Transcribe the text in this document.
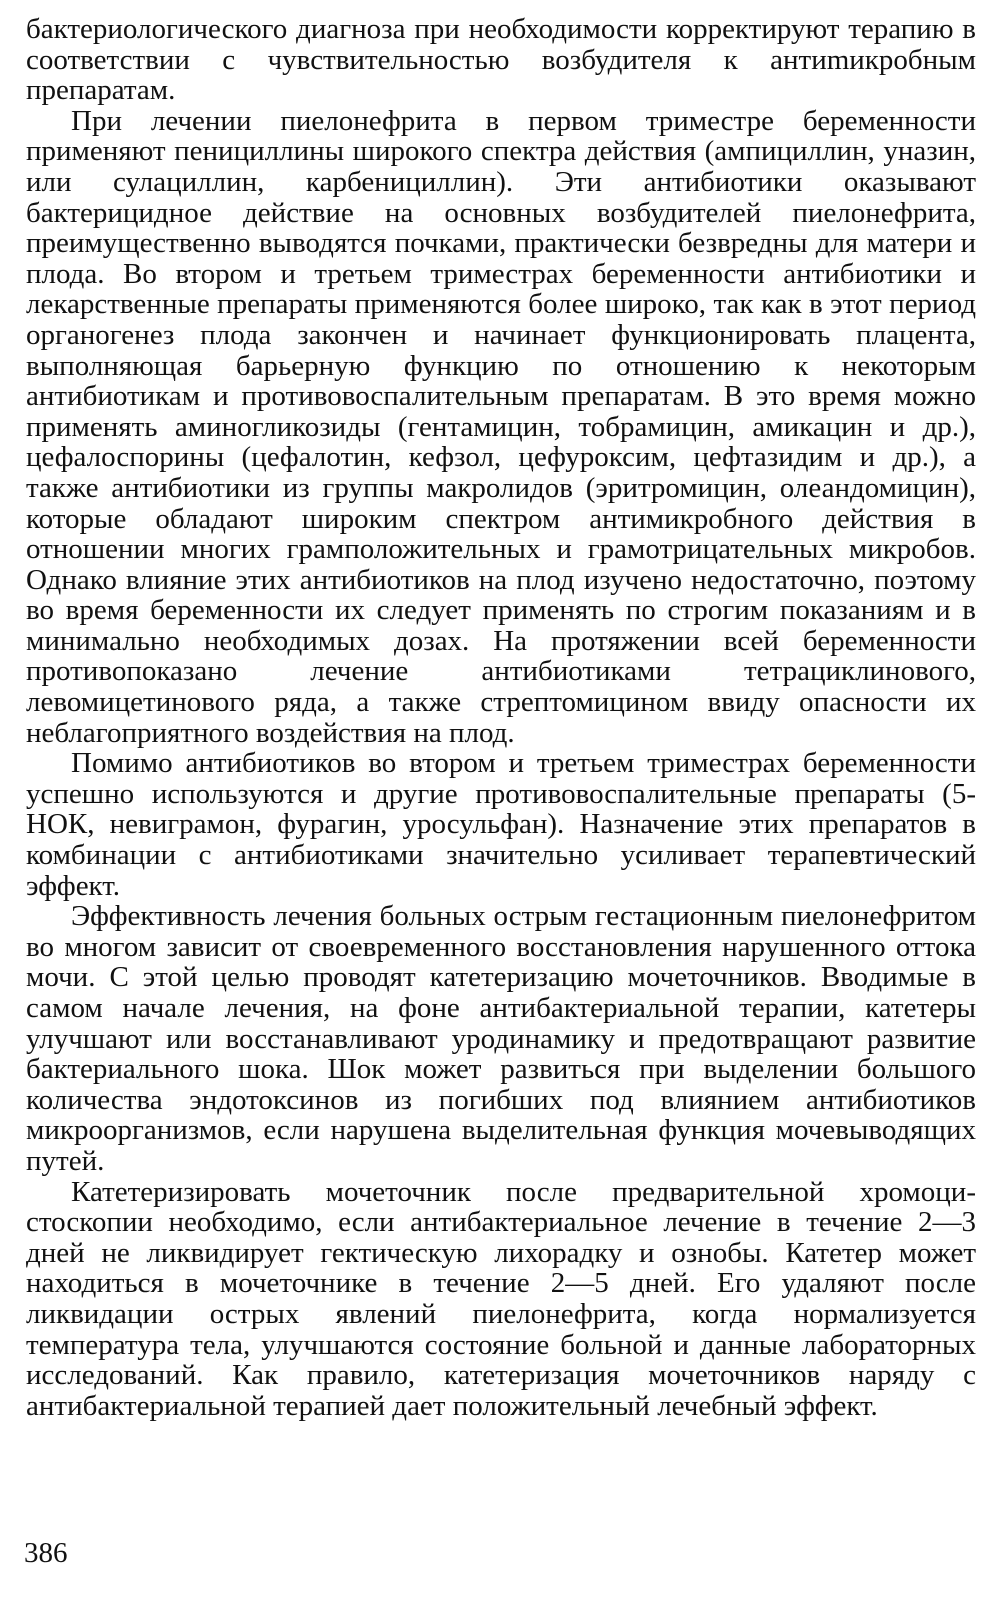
бактериологического диагноза при необходимости корректируют терапию в соответствии с чувствительностью возбудителя к антиmикробным препаратам.

При лечении пиелонефрита в первом триместре беременности применяют пенициллины широкого спектра действия (ампициллин, уназин, или сулациллин, карбенициллин). Эти антибиотики оказывают бактерицидное действие на основных возбудителей пиелонефрита, преимущественно выводятся почками, практически безвредны для матери и плода. Во втором и третьем триместрах беременности антибиотики и лекарственные препараты применяются более широко, так как в этот период органогенез плода закончен и начинает функционировать плацента, выполняющая барьерную функцию по отношению к некоторым антибиотикам и противовоспалительным препаратам. В это время можно применять аминогликозиды (гентамицин, тобрамицин, амикацин и др.), цефалоспорины (цефалотин, кефзол, цефуроксим, цефтазидим и др.), а также антибиотики из группы макролидов (эритромицин, олеандомицин), которые обладают широким спектром антимикробного действия в отношении многих грамположительных и грамотрицательных микробов. Однако влияние этих антибиотиков на плод изучено недостаточно, поэтому во время беременности их следует применять по строгим показаниям и в минимально необходимых дозах. На протяжении всей беременности противопоказано лечение антибиотиками тетрациклинового, левомицетинового ряда, а также стрептомицином ввиду опасности их неблагоприятного воздействия на плод.

Помимо антибиотиков во втором и третьем триместрах беременности успешно используются и другие противовоспалительные препараты (5-НОК, невиграмон, фурагин, уросульфан). Назначение этих препаратов в комбинации с антибиотиками значительно усиливает терапевтический эффект.

Эффективность лечения больных острым гестационным пиелонефритом во многом зависит от своевременного восстановления нарушенного оттока мочи. С этой целью проводят катетеризацию мочеточников. Вводимые в самом начале лечения, на фоне антибактериальной терапии, катетеры улучшают или восстанавливают уродинамику и предотвращают развитие бактериального шока. Шок может развиться при выделении большого количества эндотоксинов из погибших под влиянием антибиотиков микроорганизмов, если нарушена выделительная функция мочевыводящих путей.

Катетеризировать мочеточник после предварительной хромоцистоскопии необходимо, если антибактериальное лечение в течение 2—3 дней не ликвидирует гектическую лихорадку и ознобы. Катетер может находиться в мочеточнике в течение 2—5 дней. Его удаляют после ликвидации острых явлений пиелонефрита, когда нормализуется температура тела, улучшаются состояние больной и данные лабораторных исследований. Как правило, катетеризация мочеточников наряду с антибактериальной терапией дает положительный лечебный эффект.

386
